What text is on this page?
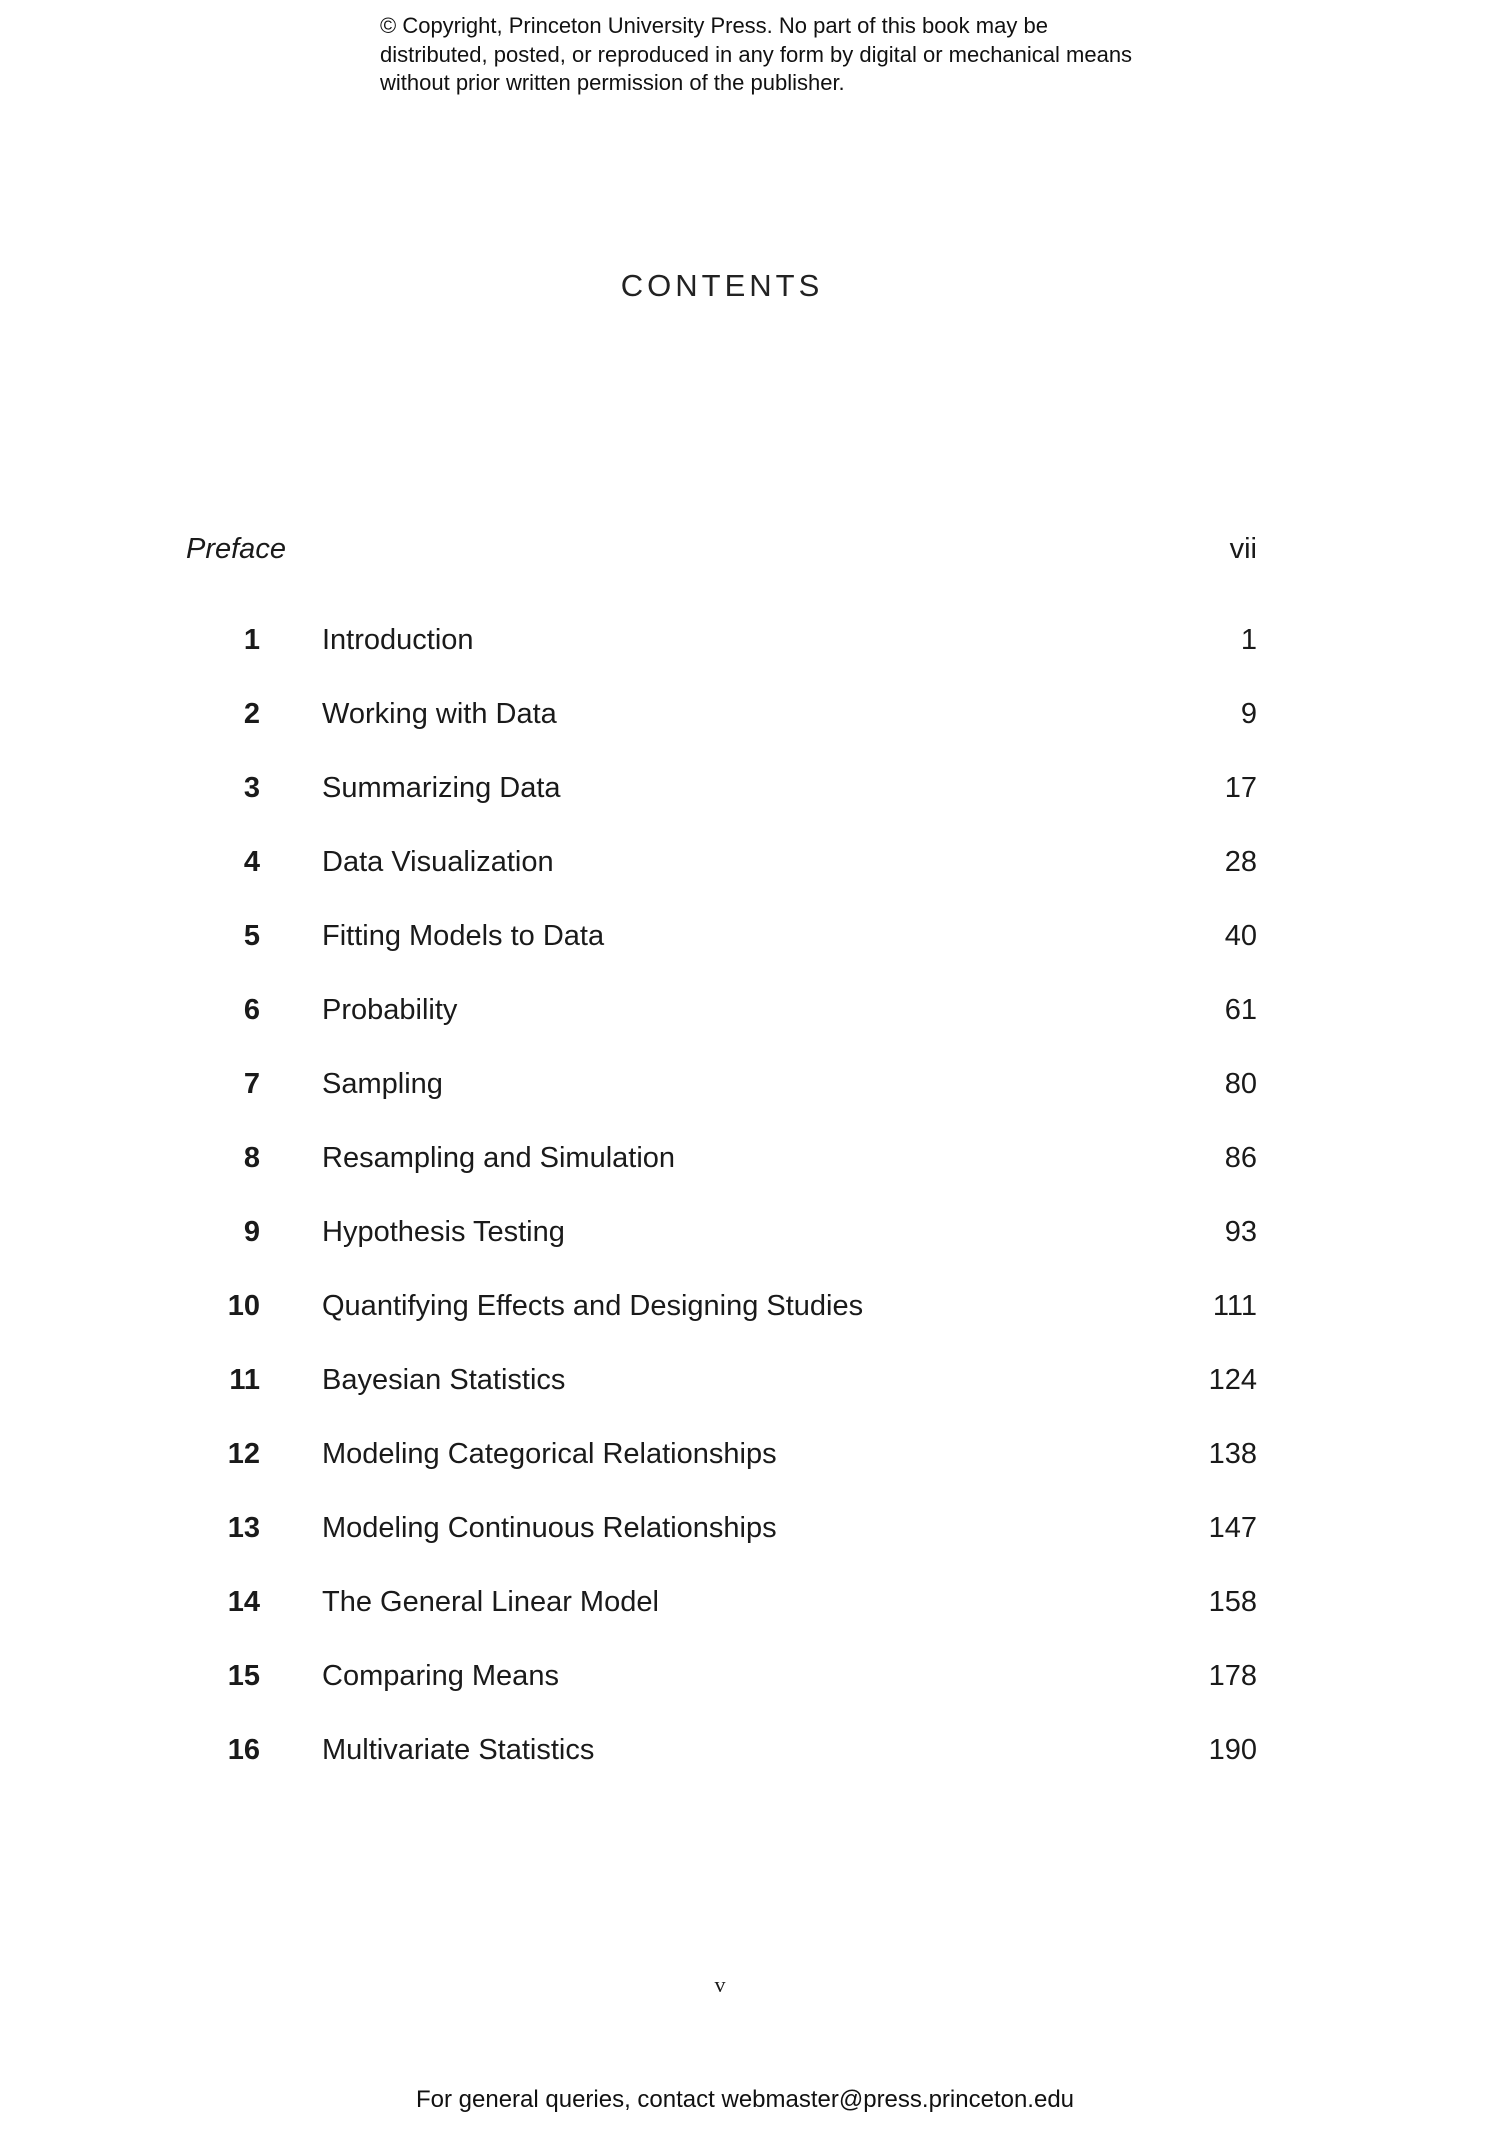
© Copyright, Princeton University Press. No part of this book may be distributed, posted, or reproduced in any form by digital or mechanical means without prior written permission of the publisher.
CONTENTS
Preface	vii
1 Introduction	1
2 Working with Data	9
3 Summarizing Data	17
4 Data Visualization	28
5 Fitting Models to Data	40
6 Probability	61
7 Sampling	80
8 Resampling and Simulation	86
9 Hypothesis Testing	93
10 Quantifying Effects and Designing Studies	111
11 Bayesian Statistics	124
12 Modeling Categorical Relationships	138
13 Modeling Continuous Relationships	147
14 The General Linear Model	158
15 Comparing Means	178
16 Multivariate Statistics	190
v
For general queries, contact webmaster@press.princeton.edu
